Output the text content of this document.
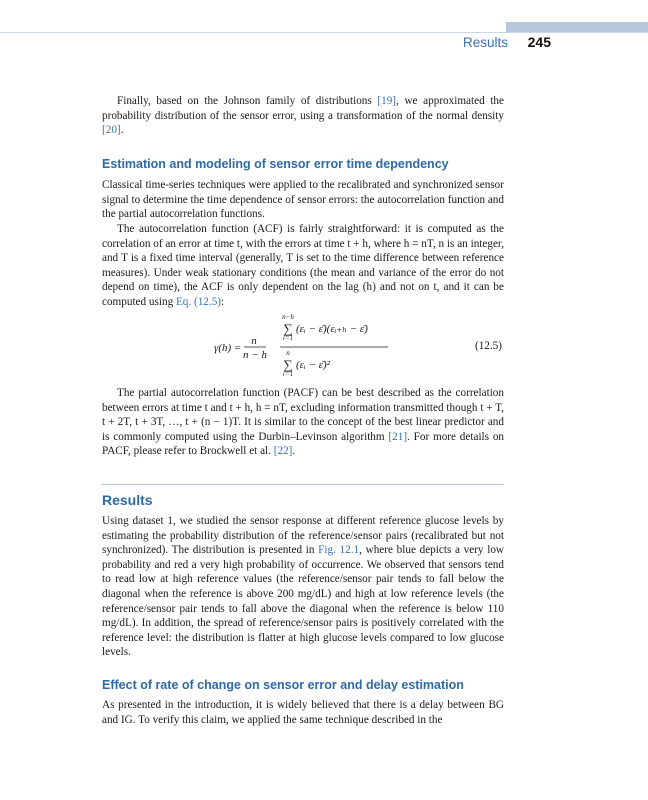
Results 245

Finally, based on the Johnson family of distributions [19], we approximated the probability distribution of the sensor error, using a transformation of the normal density [20].

Estimation and modeling of sensor error time dependency

Classical time-series techniques were applied to the recalibrated and synchronized sensor signal to determine the time dependence of sensor errors: the autocorrelation function and the partial autocorrelation functions.

The autocorrelation function (ACF) is fairly straightforward: it is computed as the correlation of an error at time t, with the errors at time t + h, where h = nT, n is an integer, and T is a fixed time interval (generally, T is set to the time difference between reference measures). Under weak stationary conditions (the mean and variance of the error do not depend on time), the ACF is only dependent on the lag (h) and not on t, and it can be computed using Eq. (12.5):

γ(h) =
n
n − h
n−h
∑
i=1
(εᵢ − ε̄)(εᵢ₊ₕ − ε̄)
n
∑
i=1
(εᵢ − ε̄)²
(12.5)

The partial autocorrelation function (PACF) can be best described as the correlation between errors at time t and t + h, h = nT, excluding information transmitted though t + T, t + 2T, t + 3T, …, t + (n − 1)T. It is similar to the concept of the best linear predictor and is commonly computed using the Durbin–Levinson algorithm [21]. For more details on PACF, please refer to Brockwell et al. [22].

Results

Using dataset 1, we studied the sensor response at different reference glucose levels by estimating the probability distribution of the reference/sensor pairs (recalibrated but not synchronized). The distribution is presented in Fig. 12.1, where blue depicts a very low probability and red a very high probability of occurrence. We observed that sensors tend to read low at high reference values (the reference/sensor pair tends to fall below the diagonal when the reference is above 200 mg/dL) and high at low reference levels (the reference/sensor pair tends to fall above the diagonal when the reference is below 110 mg/dL). In addition, the spread of reference/sensor pairs is positively correlated with the reference level: the distribution is flatter at high glucose levels compared to low glucose levels.

Effect of rate of change on sensor error and delay estimation

As presented in the introduction, it is widely believed that there is a delay between BG and IG. To verify this claim, we applied the same technique described in the
